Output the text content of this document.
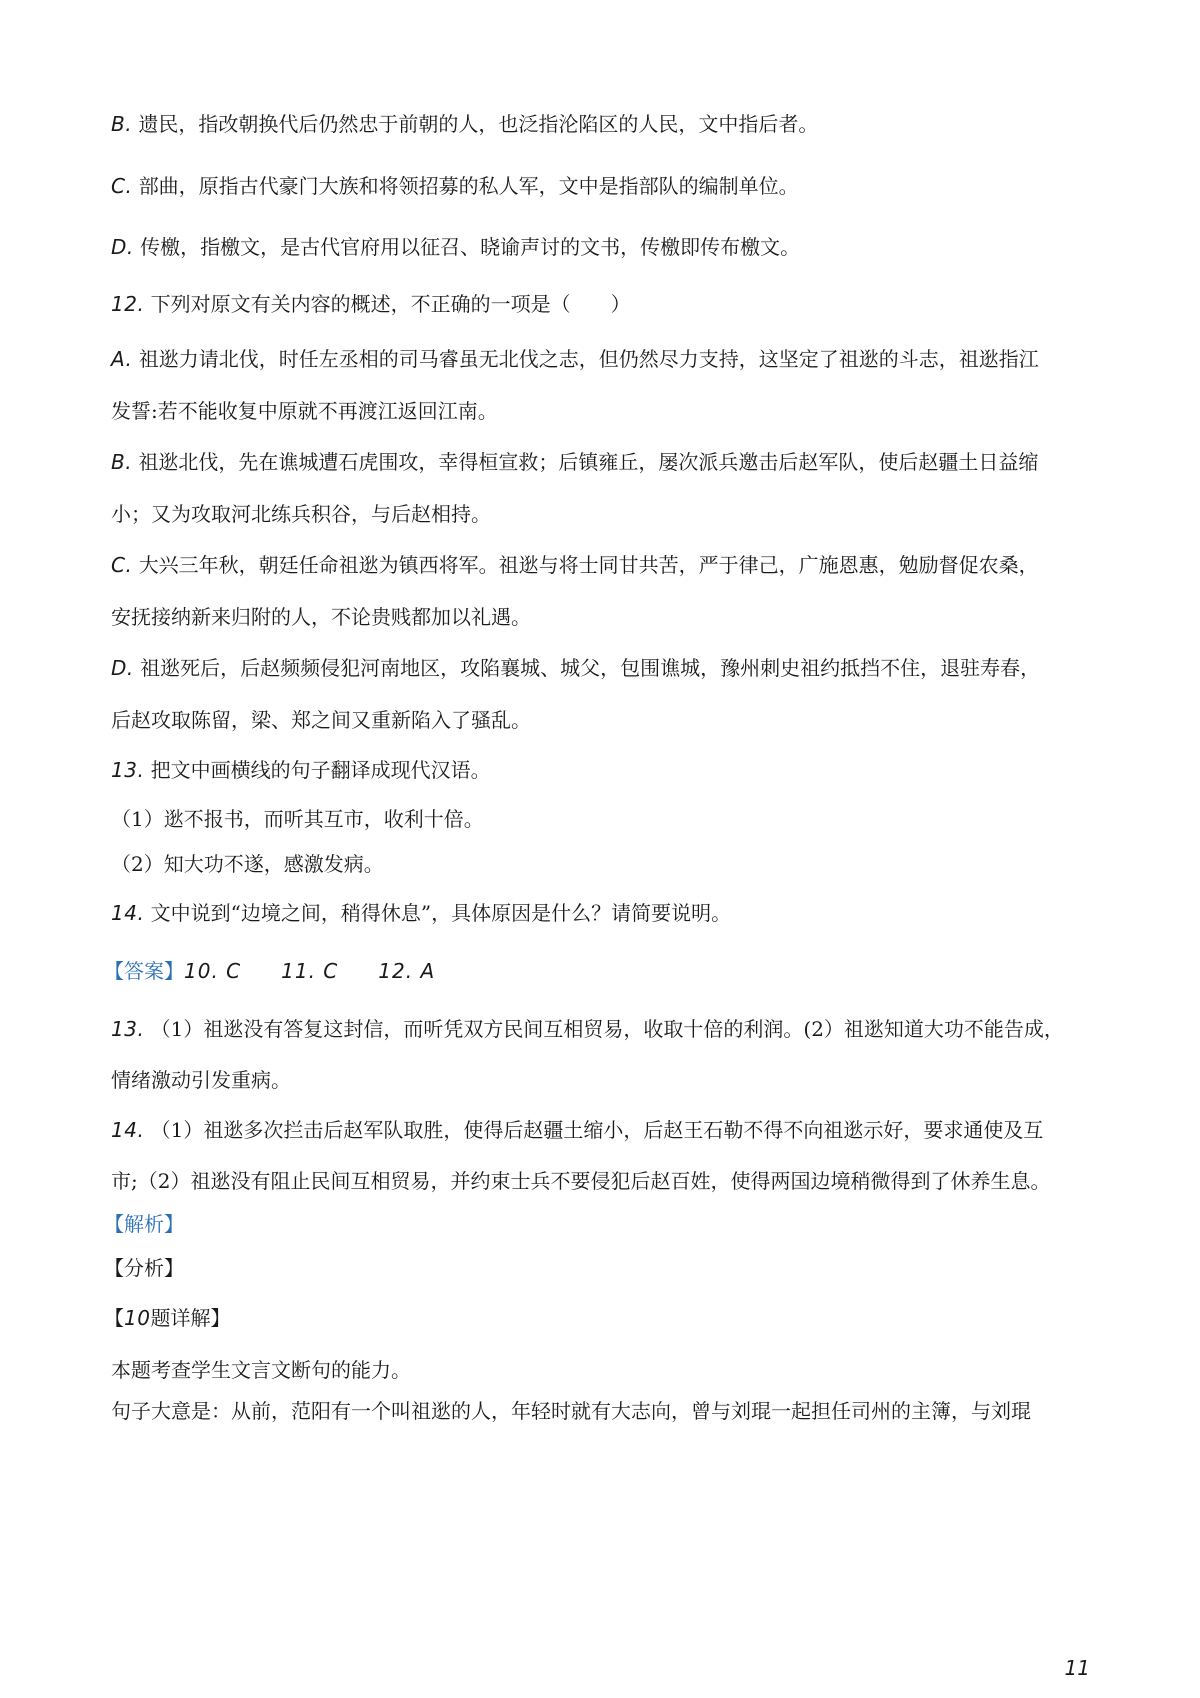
B. 遗民，指改朝换代后仍然忠于前朝的人，也泛指沦陷区的人民，文中指后者。
C. 部曲，原指古代豪门大族和将领招募的私人军，文中是指部队的编制单位。
D. 传檄，指檄文，是古代官府用以征召、晓谕声讨的文书，传檄即传布檄文。
12. 下列对原文有关内容的概述，不正确的一项是（　　）
A. 祖逖力请北伐，时任左丞相的司马睿虽无北伐之志，但仍然尽力支持，这坚定了祖逖的斗志，祖逖指江
发誓:若不能收复中原就不再渡江返回江南。
B. 祖逖北伐，先在谯城遭石虎围攻，幸得桓宣救；后镇雍丘，屡次派兵邀击后赵军队，使后赵疆土日益缩
小；又为攻取河北练兵积谷，与后赵相持。
C. 大兴三年秋，朝廷任命祖逖为镇西将军。祖逖与将士同甘共苦，严于律己，广施恩惠，勉励督促农桑，
安抚接纳新来归附的人，不论贵贱都加以礼遇。
D. 祖逖死后，后赵频频侵犯河南地区，攻陷襄城、城父，包围谯城，豫州刺史祖约抵挡不住，退驻寿春，
后赵攻取陈留，梁、郑之间又重新陷入了骚乱。
13. 把文中画横线的句子翻译成现代汉语。
（1）逖不报书，而听其互市，收利十倍。
（2）知大功不遂，感激发病。
14. 文中说到“边境之间，稍得休息”，具体原因是什么？请简要说明。
【答案】10. C 11. C 12. A
13. （1）祖逖没有答复这封信，而听凭双方民间互相贸易，收取十倍的利润。(2）祖逖知道大功不能告成，
情绪激动引发重病。
14. （1）祖逖多次拦击后赵军队取胜，使得后赵疆土缩小，后赵王石勒不得不向祖逖示好，要求通使及互
市;（2）祖逖没有阻止民间互相贸易，并约束士兵不要侵犯后赵百姓，使得两国边境稍微得到了休养生息。
【解析】
【分析】
【10题详解】
本题考查学生文言文断句的能力。
句子大意是：从前，范阳有一个叫祖逖的人，年轻时就有大志向，曾与刘琨一起担任司州的主簿，与刘琨
11
